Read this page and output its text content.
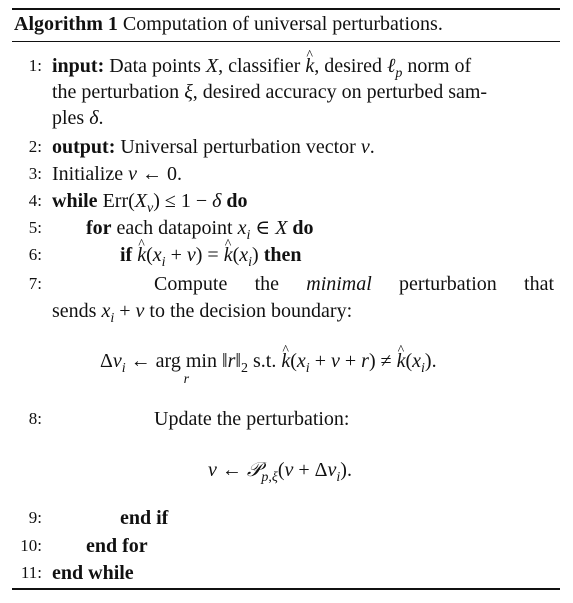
Algorithm 1 Computation of universal perturbations.
1: input: Data points X, classifier ^ k, desired ℓ$_p$ norm of
the perturbation ξ, desired accuracy on perturbed sam-
ples δ.
2: output: Universal perturbation vector v.
3: Initialize v ← 0.
4: while $Err(X_v) \le 1 - \delta$ do
5: for each datapoint $x_i$ ∈ X do
6:	if ^ $k(x_i + v)$ = ^ $k(x_i)$ then
7:	Compute the minimal perturbation that
sends $x_i + v$ to the decision boundary:
$\Delta v_i$ ← arg min
r
$‖r‖_2$ s.t. ^ $k(x_i + v + r)$ ≠ ^ $k(x_i)$.
8:	Update the perturbation:
v ← 𝒫$_{p,\xi}$(v + $\Delta v_i$).
9:	end if
10: end for
11: end while
